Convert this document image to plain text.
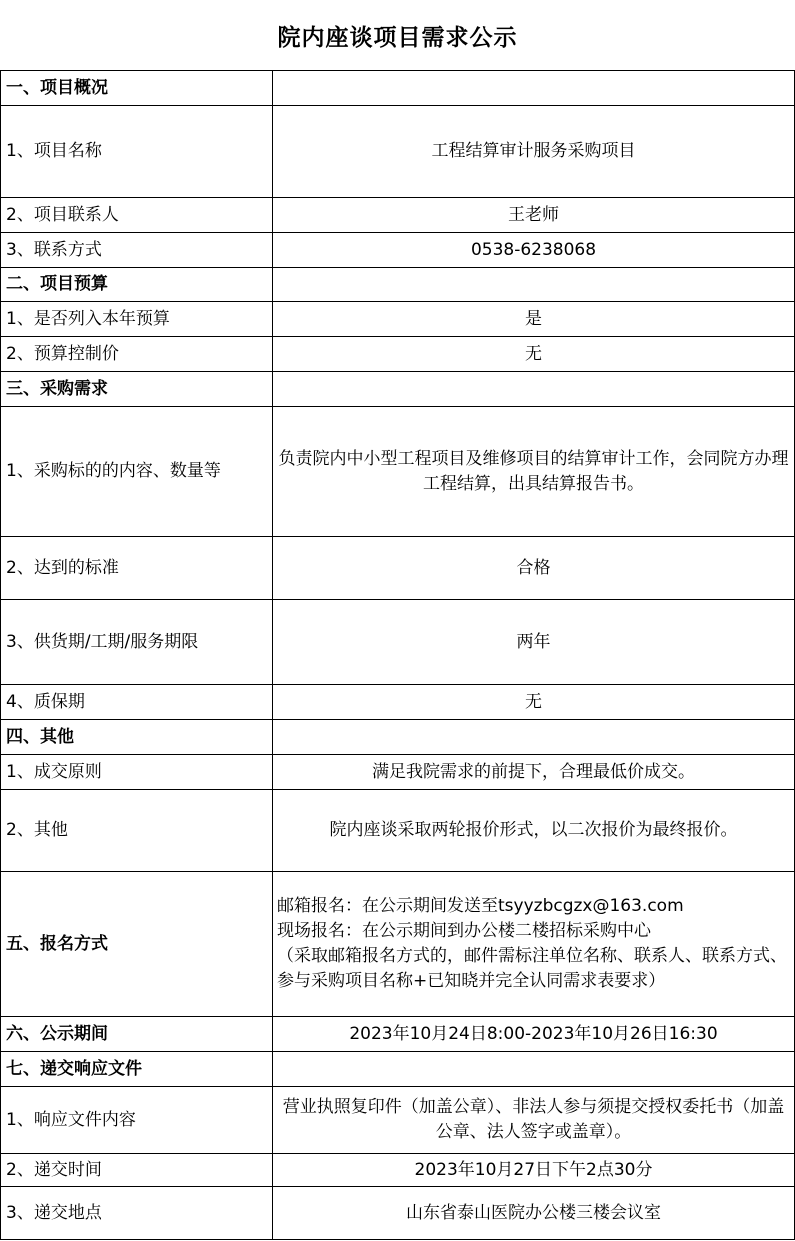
院内座谈项目需求公示
一、项目概况	
1、项目名称	工程结算审计服务采购项目
2、项目联系人	王老师
3、联系方式	0538-6238068
二、项目预算	
1、是否列入本年预算	是
2、预算控制价	无
三、采购需求	
1、采购标的的内容、数量等	负责院内中小型工程项目及维修项目的结算审计工作，会同院方办理工程结算，出具结算报告书。
2、达到的标准	合格
3、供货期/工期/服务期限	两年
4、质保期	无
四、其他	
1、成交原则	满足我院需求的前提下，合理最低价成交。
2、其他	院内座谈采取两轮报价形式，以二次报价为最终报价。
五、报名方式	邮箱报名：在公示期间发送至tsyyzbcgzx@163.com
现场报名：在公示期间到办公楼二楼招标采购中心
（采取邮箱报名方式的，邮件需标注单位名称、联系人、联系方式、参与采购项目名称+已知晓并完全认同需求表要求）

六、公示期间	2023年10月24日8:00-2023年10月26日16:30
七、递交响应文件	
1、响应文件内容	营业执照复印件（加盖公章）、非法人参与须提交授权委托书（加盖公章、法人签字或盖章）。
2、递交时间	2023年10月27日下午2点30分
3、递交地点	山东省泰山医院办公楼三楼会议室
